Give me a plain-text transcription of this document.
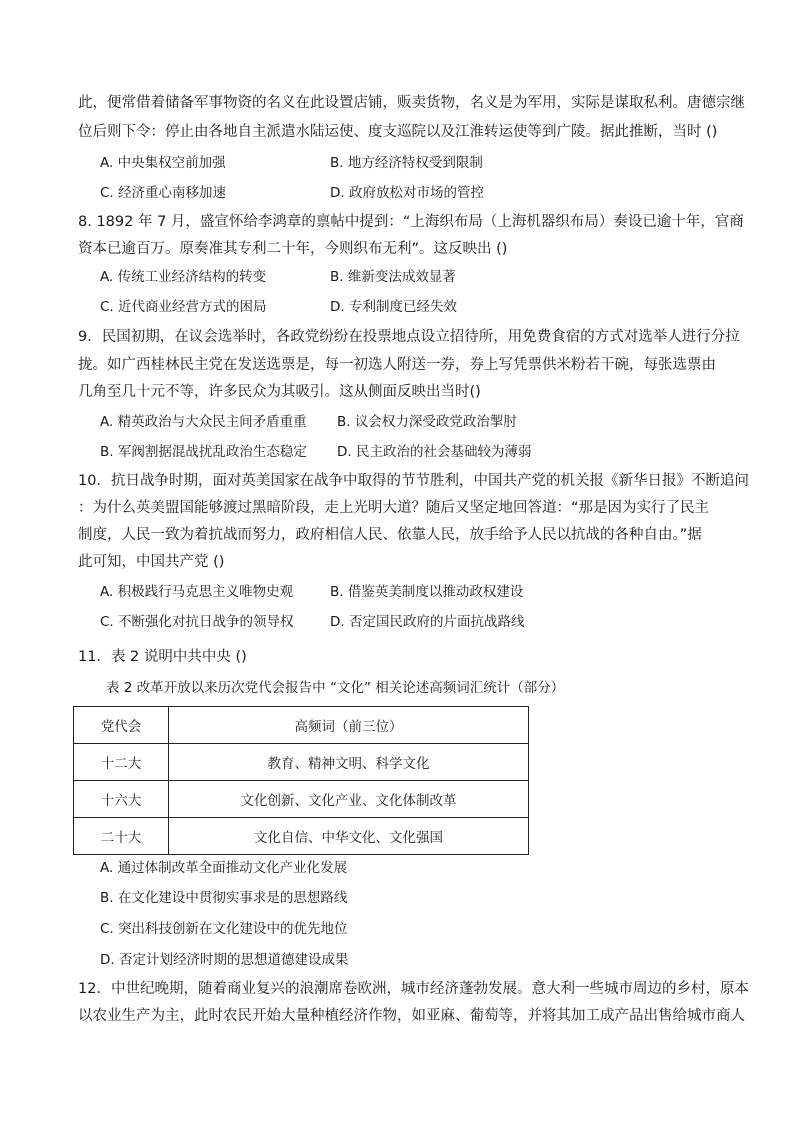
此，便常借着储备军事物资的名义在此设置店铺，贩卖货物，名义是为军用，实际是谋取私利。唐德宗继
位后则下令：停止由各地自主派遣水陆运使、度支巡院以及江淮转运使等到广陵。据此推断，当时 ()
A. 中央集权空前加强	B. 地方经济特权受到限制
C. 经济重心南移加速	D. 政府放松对市场的管控
8. 1892 年 7 月，盛宣怀给李鸿章的禀帖中提到：“上海织布局（上海机器织布局）奏设已逾十年，官商
资本已逾百万。原奏准其专利二十年，今则织布无利”。这反映出 ()
A. 传统工业经济结构的转变	B. 维新变法成效显著
C. 近代商业经营方式的困局	D. 专利制度已经失效
9．民国初期，在议会选举时，各政党纷纷在投票地点设立招待所，用免费食宿的方式对选举人进行分拉
拢。如广西桂林民主党在发送选票是，每一初选人附送一券，券上写凭票供米粉若干碗，每张选票由
几角至几十元不等，许多民众为其吸引。这从侧面反映出当时()
A. 精英政治与大众民主间矛盾重重 B. 议会权力深受政党政治掣肘
B. 军阀割据混战扰乱政治生态稳定 D. 民主政治的社会基础较为薄弱
10．抗日战争时期，面对英美国家在战争中取得的节节胜利，中国共产党的机关报《新华日报》不断追问
：为什么英美盟国能够渡过黑暗阶段，走上光明大道？随后又坚定地回答道：“那是因为实行了民主
制度，人民一致为着抗战而努力，政府相信人民、依靠人民，放手给予人民以抗战的各种自由。”据
此可知，中国共产党 ()
A. 积极践行马克思主义唯物史观	B. 借鉴英美制度以推动政权建设
C. 不断强化对抗日战争的领导权	D. 否定国民政府的片面抗战路线
11．表 2 说明中共中央 ()
表 2 改革开放以来历次党代会报告中 “文化” 相关论述高频词汇统计（部分）
党代会	高频词（前三位）
十二大	教育、精神文明、科学文化
十六大	文化创新、文化产业、文化体制改革
二十大	文化自信、中华文化、文化强国
A. 通过体制改革全面推动文化产业化发展
B. 在文化建设中贯彻实事求是的思想路线
C. 突出科技创新在文化建设中的优先地位
D. 否定计划经济时期的思想道德建设成果
12．中世纪晚期，随着商业复兴的浪潮席卷欧洲，城市经济蓬勃发展。意大利一些城市周边的乡村，原本
以农业生产为主，此时农民开始大量种植经济作物，如亚麻、葡萄等，并将其加工成产品出售给城市商人
